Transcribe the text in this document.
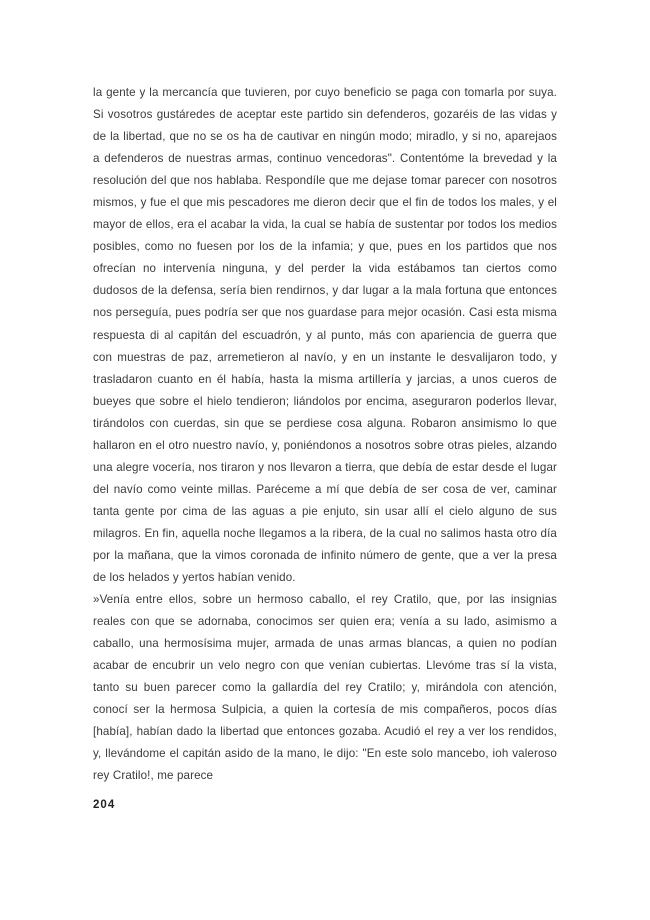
la gente y la mercancía que tuvieren, por cuyo beneficio se paga con tomarla por suya. Si vosotros gustáredes de aceptar este partido sin defenderos, gozaréis de las vidas y de la libertad, que no se os ha de cautivar en ningún modo; miradlo, y si no, aparejaos a defenderos de nuestras armas, continuo vencedoras". Contentóme la brevedad y la resolución del que nos hablaba. Respondíle que me dejase tomar parecer con nosotros mismos, y fue el que mis pescadores me dieron decir que el fin de todos los males, y el mayor de ellos, era el acabar la vida, la cual se había de sustentar por todos los medios posibles, como no fuesen por los de la infamia; y que, pues en los partidos que nos ofrecían no intervenía ninguna, y del perder la vida estábamos tan ciertos como dudosos de la defensa, sería bien rendirnos, y dar lugar a la mala fortuna que entonces nos perseguía, pues podría ser que nos guardase para mejor ocasión. Casi esta misma respuesta di al capitán del escuadrón, y al punto, más con apariencia de guerra que con muestras de paz, arremetieron al navío, y en un instante le desvalijaron todo, y trasladaron cuanto en él había, hasta la misma artillería y jarcias, a unos cueros de bueyes que sobre el hielo tendieron; liándolos por encima, aseguraron poderlos llevar, tirándolos con cuerdas, sin que se perdiese cosa alguna. Robaron ansimismo lo que hallaron en el otro nuestro navío, y, poniéndonos a nosotros sobre otras pieles, alzando una alegre vocería, nos tiraron y nos llevaron a tierra, que debía de estar desde el lugar del navío como veinte millas. Paréceme a mí que debía de ser cosa de ver, caminar tanta gente por cima de las aguas a pie enjuto, sin usar allí el cielo alguno de sus milagros. En fin, aquella noche llegamos a la ribera, de la cual no salimos hasta otro día por la mañana, que la vimos coronada de infinito número de gente, que a ver la presa de los helados y yertos habían venido.

»Venía entre ellos, sobre un hermoso caballo, el rey Cratilo, que, por las insignias reales con que se adornaba, conocimos ser quien era; venía a su lado, asimismo a caballo, una hermosísima mujer, armada de unas armas blancas, a quien no podían acabar de encubrir un velo negro con que venían cubiertas. Llevóme tras sí la vista, tanto su buen parecer como la gallardía del rey Cratilo; y, mirándola con atención, conocí ser la hermosa Sulpicia, a quien la cortesía de mis compañeros, pocos días [había], habían dado la libertad que entonces gozaba. Acudió el rey a ver los rendidos, y, llevándome el capitán asido de la mano, le dijo: "En este solo mancebo, ioh valeroso rey Cratilo!, me parece

204
